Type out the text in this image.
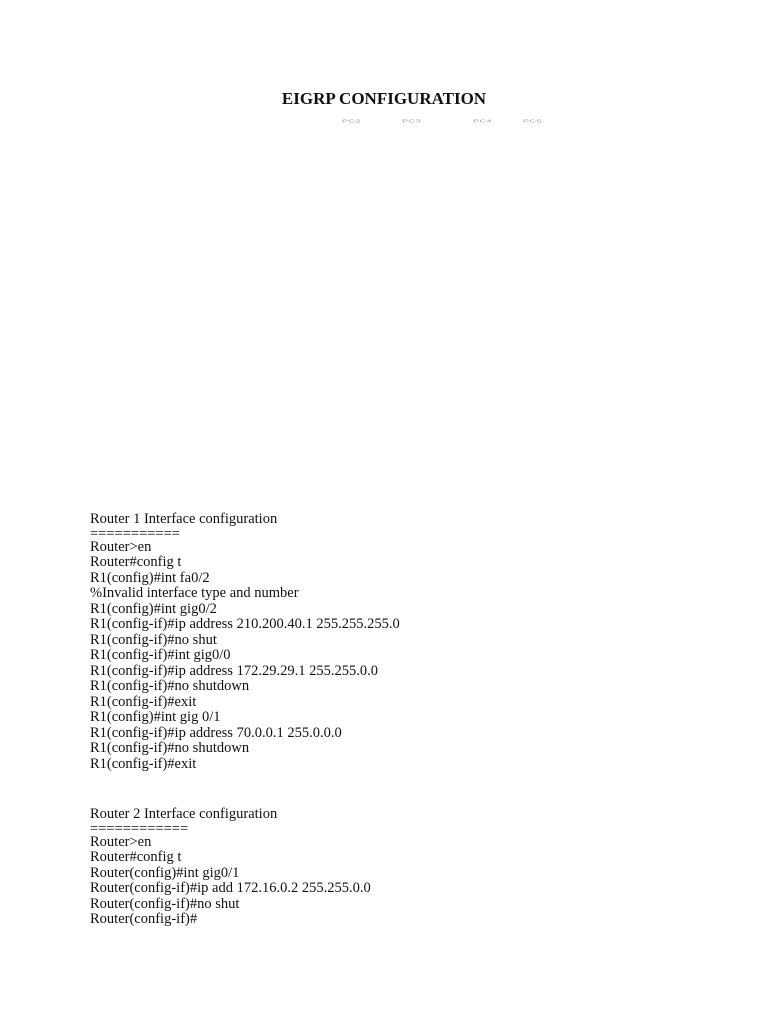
EIGRP CONFIGURATION
PC2	PC3	PC4	PC5
Router 1 Interface configuration
===========
Router>en
Router#config t
R1(config)#int fa0/2
%Invalid interface type and number
R1(config)#int gig0/2
R1(config-if)#ip address 210.200.40.1 255.255.255.0
R1(config-if)#no shut
R1(config-if)#int gig0/0
R1(config-if)#ip address 172.29.29.1 255.255.0.0
R1(config-if)#no shutdown
R1(config-if)#exit
R1(config)#int gig 0/1
R1(config-if)#ip address 70.0.0.1 255.0.0.0
R1(config-if)#no shutdown
R1(config-if)#exit
Router 2 Interface configuration
============
Router>en
Router#config t
Router(config)#int gig0/1
Router(config-if)#ip add 172.16.0.2 255.255.0.0
Router(config-if)#no shut
Router(config-if)#
